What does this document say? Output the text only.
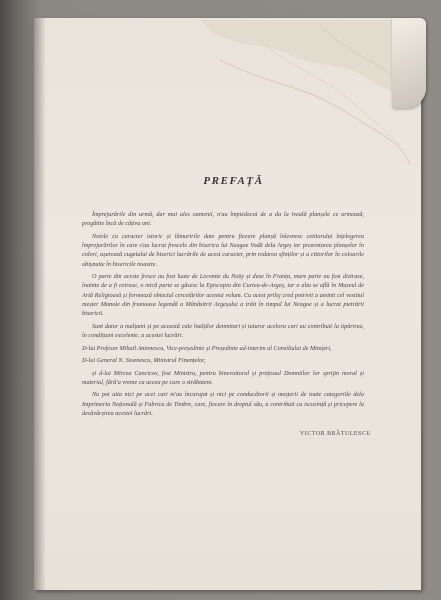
PREFAȚĂ

Împrejurările din urmă, dar mai ales oamenii, n'au împiedecat de a da la iveală planșele ce urmează, pregătite încă de câțiva ani.

Notele cu caracter istoric și lămuririle date pentru fiecare planșă înlesnesc cetitorului înțelegerea împrejurărilor în care s'au lucrat frescele din biserica lui Neagoe Vodă dela Argeș iar prezentarea planșelor în colori, ușurează cugetului de biserici lucrările de acest caracter, prin redarea sfinților și a ctitorilor în coloarile obișnuite în bisericile noastre.

O parte din aceste fresce au fost luate de Lecomte du Noüy și duse în Franța, mare parte au fost distruse, înainte de a fi extrase, o mică parte se găsesc la Episcopia din Curtea-de-Argeș, iar o alta se află în Muzeul de Artă Religioasă și formează obiectul cercetărilor acestui volum. Cu acest prilej cred potrivit a aminti cel vestitul meșter Manole din frumoasa legendă a Mânăstirii Argeșului a trăit în timpul lui Neagoe și a lucrat pietrării bisericii.

Sunt dator a mulțumi și pe această cale înalților demnitari și tuturor acelora cari au contribuit la tipărirea, în condițiuni excelente, a acestei lucrări.

D-lui Profesor Mihail Antonescu, Vice-președinte și Președinte ad-interim al Consiliului de Miniștri,

D-lui General N. Stoenescu, Ministrul Finanțelor,

și d-lui Mircea Cancicov, fost Ministru, pentru binevoitorul și prețiosul Domniilor lor sprijin moral și material, fără'a vreme ca aceea pe care o străbatem.

Nu pot uita nici pe acei cari m'au încurajat și nici pe conducătorii și meșterii de toate categoriile dela Imprimeria Națională și Fabrica de Timbre, care, fiecare în dreptul său, a contribuit cu iscusință și pricepere la desăvârșirea acestei lucrări.

VICTOR BRĂTULESCU
